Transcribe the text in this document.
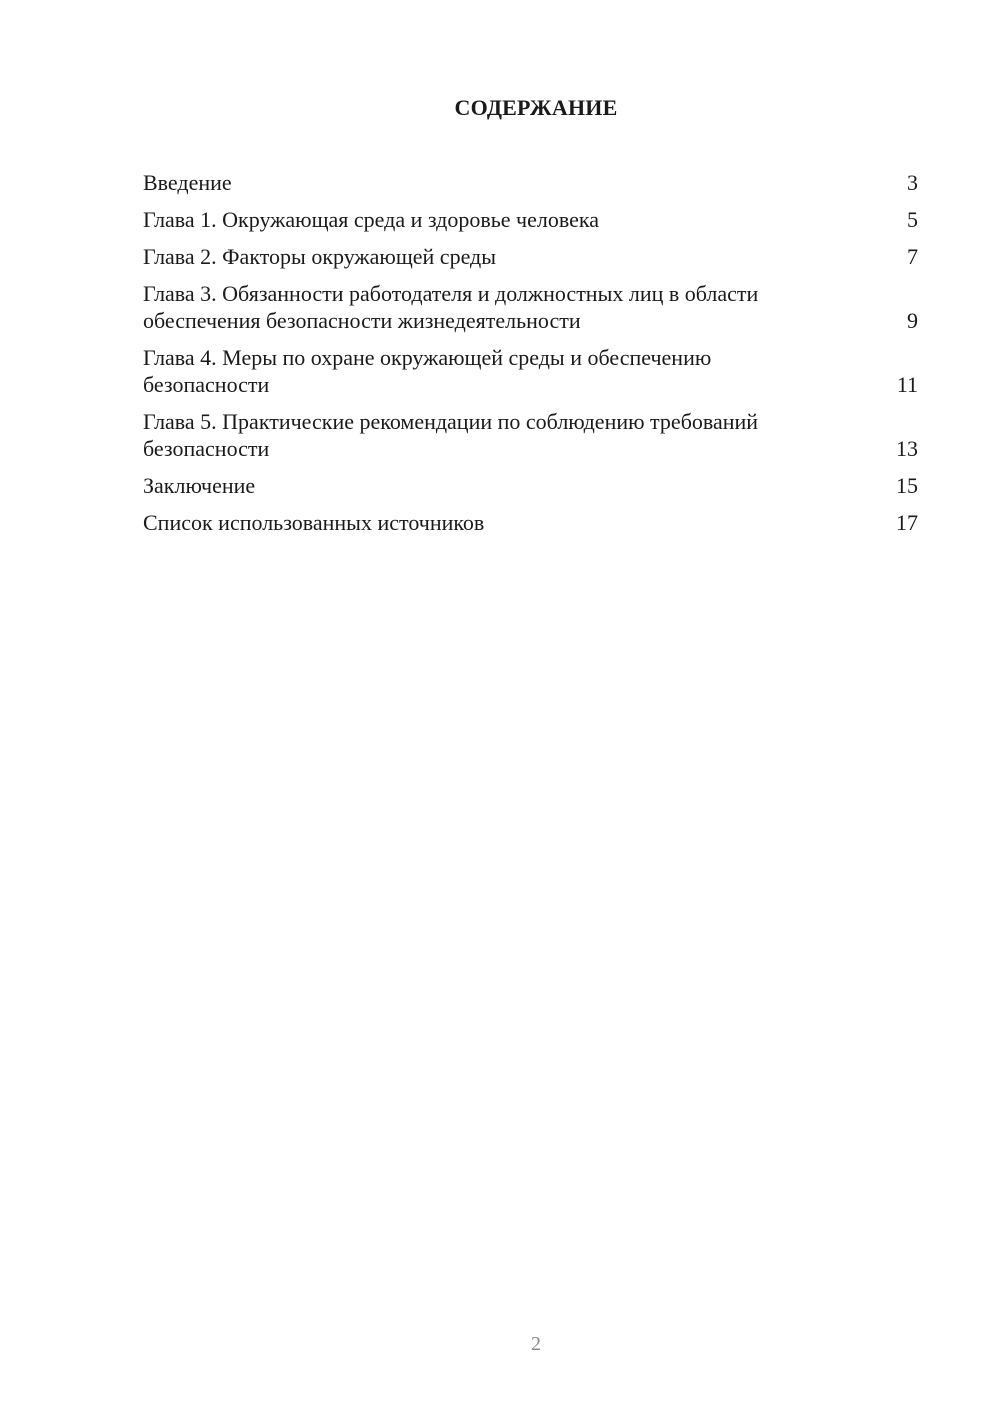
СОДЕРЖАНИЕ
Введение	3
Глава 1. Окружающая среда и здоровье человека	5
Глава 2. Факторы окружающей среды	7
Глава 3. Обязанности работодателя и должностных лиц в области обеспечения безопасности жизнедеятельности	9
Глава 4. Меры по охране окружающей среды и обеспечению безопасности	11
Глава 5. Практические рекомендации по соблюдению требований безопасности	13
Заключение	15
Список использованных источников	17
2
